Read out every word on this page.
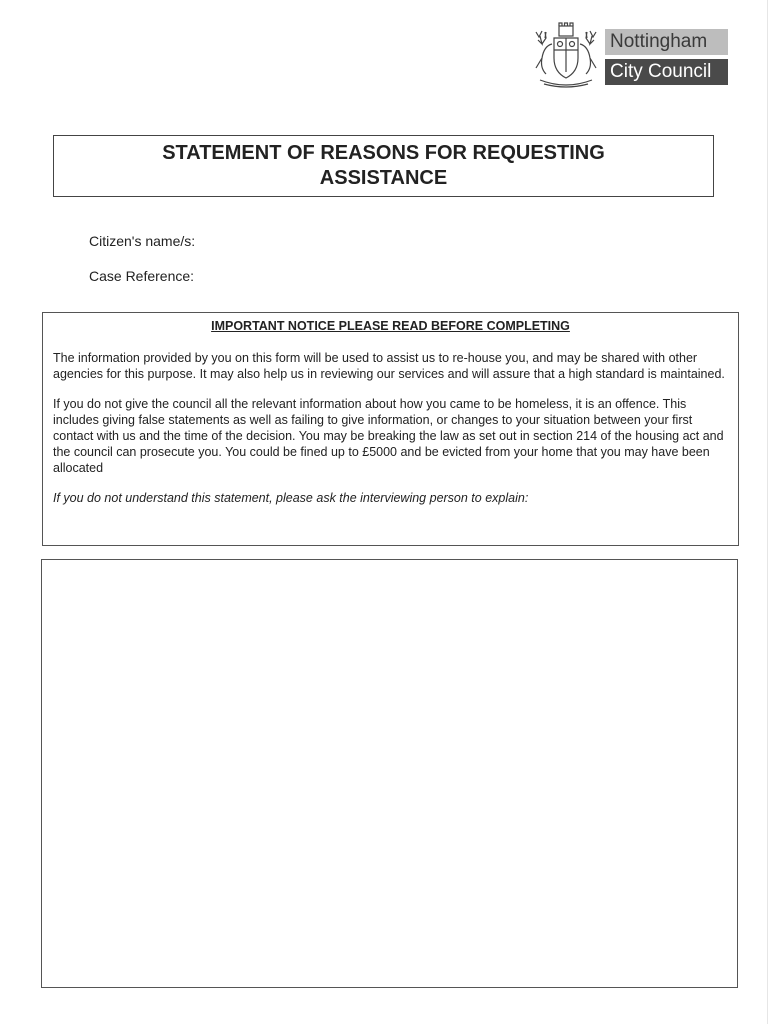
Nottingham
City Council
STATEMENT OF REASONS FOR REQUESTING ASSISTANCE
Citizen's name/s:
Case Reference:

IMPORTANT NOTICE PLEASE READ BEFORE COMPLETING

The information provided by you on this form will be used to assist us to re-house you, and may be shared with other agencies for this purpose. It may also help us in reviewing our services and will assure that a high standard is maintained.

If you do not give the council all the relevant information about how you came to be homeless, it is an offence. This includes giving false statements as well as failing to give information, or changes to your situation between your first contact with us and the time of the decision. You may be breaking the law as set out in section 214 of the housing act and the council can prosecute you. You could be fined up to £5000 and be evicted from your home that you may have been allocated

If you do not understand this statement, please ask the interviewing person to explain:
